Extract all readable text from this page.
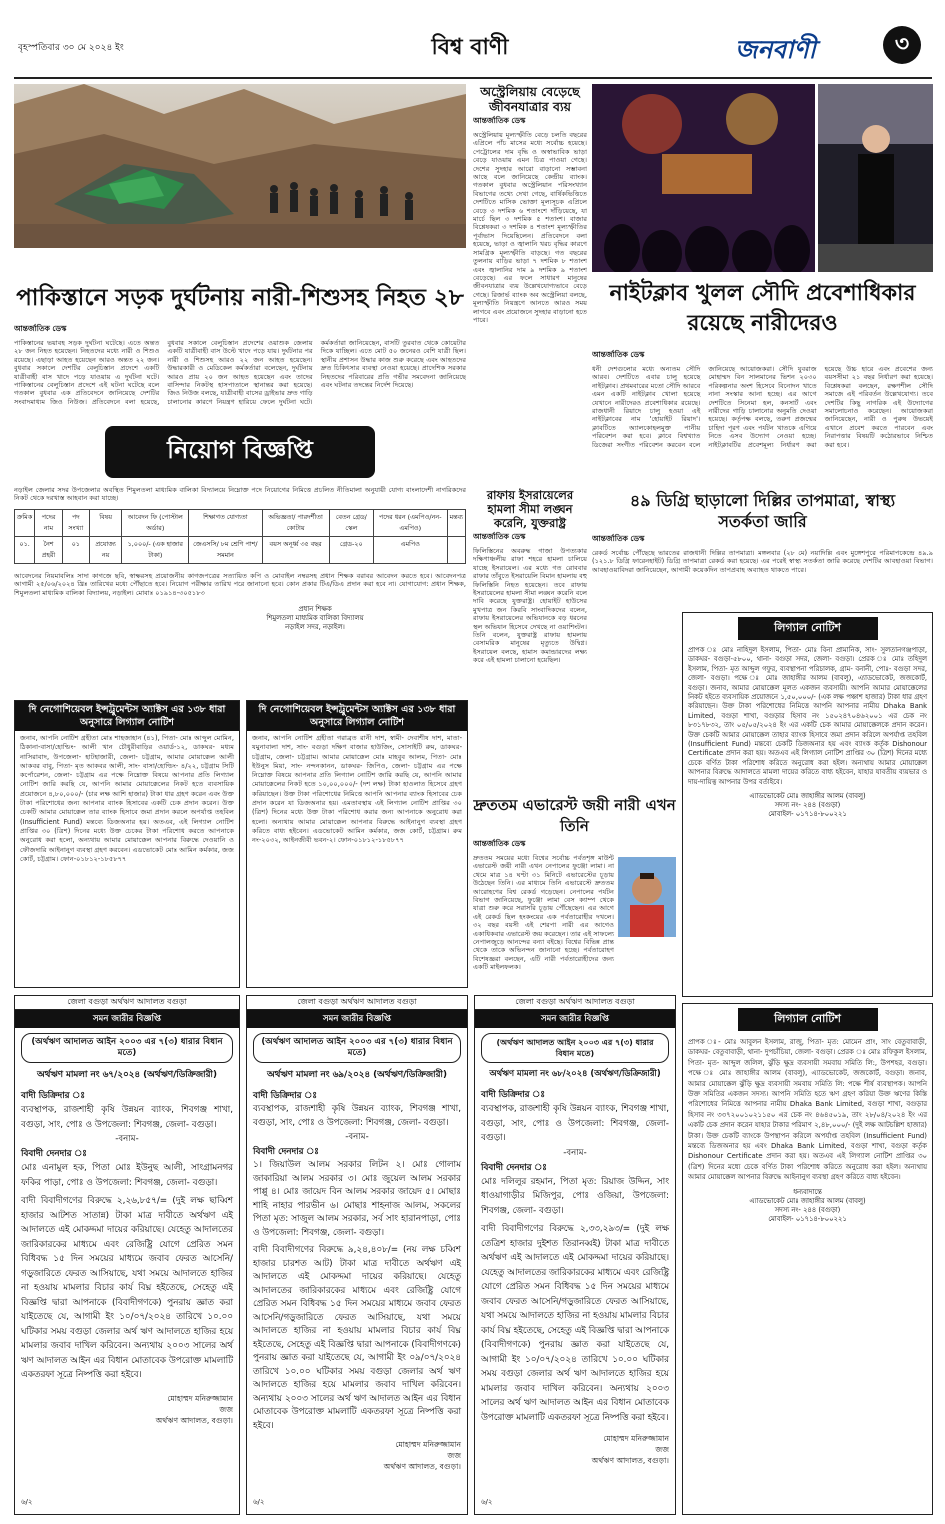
বৃহস্পতিবার ৩০ মে ২০২৪ ইং	বিশ্ব বাণী	জনবাণী	৩
অস্ট্রেলিয়ায় বেড়েছে জীবনযাত্রার ব্যয়
আন্তর্জাতিক ডেস্ক
অস্ট্রেলিয়ায় মূল্যস্ফীতি বেড়ে চলতি বছরের এপ্রিলে পাঁচ মাসের মধ্যে সর্বোচ্চ হয়েছে। পেট্রোলের দাম বৃদ্ধি ও অস্বাভাবিক ভাড়া বেড়ে যাওয়ায় এমন চিত্র পাওয়া গেছে। দেশের সুদহার আরো বাড়ানো সম্ভাবনা আছে বলে জানিয়েছে কেন্দ্রীয় ব্যাংক। গতকাল বুধবার অস্ট্রেলিয়ান পরিসংখ্যান বিভাগের তথ্যে দেখা গেছে, বার্ষিকভিত্তিতে দেশটিতে মাসিক ভোক্তা মূল্যসূচক এপ্রিলে বেড়ে ৩ দশমিক ৬ শতাংশে দাঁড়িয়েছে, যা মার্চে ছিল ৩ দশমিক ৫ শতাংশ। বাজার বিশ্লেষকরা ৩ দশমিক ৪ শতাংশ মূল্যস্ফীতির পূর্বাভাস দিয়েছিলেন। প্রতিবেদনে বলা হয়েছে, ভাড়া ও জ্বালানি খরচ বৃদ্ধির কারণে সামগ্রিক মূল্যস্ফীতি বাড়ছে। গত বছরের তুলনায় বাড়ির ভাড়া ৭ দশমিক ৮ শতাংশ এবং জ্বালানির দাম ৯ দশমিক ৯ শতাংশ বেড়েছে। এর ফলে সাধারণ মানুষের জীবনযাত্রার ব্যয় উল্লেখযোগ্যভাবে বেড়ে গেছে। রিজার্ভ ব্যাংক অব অস্ট্রেলিয়া বলছে, মূল্যস্ফীতি নিয়ন্ত্রণে আনতে আরও সময় লাগবে এবং প্রয়োজনে সুদহার বাড়ানো হতে পারে।
পাকিস্তানে সড়ক দুর্ঘটনায় নারী-শিশুসহ নিহত ২৮
আন্তর্জাতিক ডেস্ক
পাকিস্তানের ভয়াবহ সড়ক দুর্ঘটনা ঘটেছে। এতে অন্তত ২৮ জন নিহত হয়েছেন। নিহতদের মধ্যে নারী ও শিশুও রয়েছে। এছাড়া আহত হয়েছেন আরও অন্তত ২২ জন। বুধবার সকালে দেশটির বেলুচিস্তান প্রদেশে একটি যাত্রীবাহী বাস খাদে পড়ে যাওয়ায় এ দুর্ঘটনা ঘটে। পাকিস্তানের বেলুচিস্তান প্রদেশে এই ঘটনা ঘটেছে বলে গতকাল বুধবার এক প্রতিবেদনে জানিয়েছে দেশটির সংবাদমাধ্যম জিও নিউজ। প্রতিবেদনে বলা হয়েছে, বুধবার সকালে বেলুচিস্তান প্রদেশের ওয়াশুক জেলায় একটি যাত্রীবাহী বাস উল্টে খাদে পড়ে যায়। দুর্ঘটনার পর নারী ও শিশুসহ আরও ২২ জন আহত হয়েছেন। উদ্ধারকারী ও মেডিকেল কর্মকর্তারা বলেছেন, দুর্ঘটনায় আরও প্রায় ২০ জন আহত হয়েছেন এবং তাদের বাসিন্দার নিকটস্থ হাসপাতালে স্থানান্তর করা হয়েছে। জিও নিউজ বলছে, যাত্রীবাহী বাসের ড্রাইভার দ্রুত গাড়ি চালানোর কারণে নিয়ন্ত্রণ হারিয়ে ফেলে দুর্ঘটনা ঘটে। কর্মকর্তারা জানিয়েছেন, বাসটি তুরবাত থেকে কোয়েটার দিকে যাচ্ছিল। এতে মোট ৫০ জনেরও বেশি যাত্রী ছিল। স্থানীয় প্রশাসন উদ্ধার কাজ শুরু করেছে এবং আহতদের দ্রুত চিকিৎসার ব্যবস্থা নেওয়া হয়েছে। প্রাদেশিক সরকার নিহতদের পরিবারের প্রতি গভীর সমবেদনা জানিয়েছে এবং ঘটনার তদন্তের নির্দেশ দিয়েছে।
নাইটক্লাব খুলল সৌদি প্রবেশাধিকার রয়েছে নারীদেরও
আন্তর্জাতিক ডেস্ক
ধনী দেশগুলোর মধ্যে অন্যতম সৌদি আরব। দেশটিতে এবার চালু হয়েছে নাইটক্লাব। প্রথমবারের মতো সৌদি আরবে এমন একটি নাইটক্লাব খোলা হয়েছে যেখানে নারীদেরও প্রবেশাধিকার রয়েছে। রাজধানী রিয়াদে চালু হওয়া এই নাইটক্লাবের নাম 'হোয়াইট রিয়াদ'। ক্লাবটিতে অ্যালকোহলমুক্ত পানীয় পরিবেশন করা হবে। ক্লাবে বিশ্বখ্যাত ডিজেরা সংগীত পরিবেশন করবেন বলে জানিয়েছে আয়োজকরা। সৌদি যুবরাজ মোহাম্মদ বিন সালমানের ভিশন ২০৩০ পরিকল্পনার অংশ হিসেবে বিনোদন খাতে নানা সংস্কার আনা হচ্ছে। এর আগে দেশটিতে সিনেমা হল, কনসার্ট এবং নারীদের গাড়ি চালানোর অনুমতি দেওয়া হয়েছে। কর্তৃপক্ষ বলছে, তরুণ প্রজন্মের চাহিদা পূরণ এবং পর্যটন খাতকে এগিয়ে নিতে এসব উদ্যোগ নেওয়া হচ্ছে। নাইটক্লাবটির প্রবেশমূল্য নির্ধারণ করা হয়েছে উচ্চ হারে এবং প্রবেশের জন্য বয়সসীমা ২১ বছর নির্ধারণ করা হয়েছে। বিশ্লেষকরা বলছেন, রক্ষণশীল সৌদি সমাজে এই পরিবর্তন উল্লেখযোগ্য। তবে দেশটির কিছু নাগরিক এই উদ্যোগের সমালোচনাও করেছেন। আয়োজকরা জানিয়েছেন, নারী ও পুরুষ উভয়েই এখানে প্রবেশ করতে পারবেন এবং নিরাপত্তার বিষয়টি কঠোরভাবে নিশ্চিত করা হবে।
নিয়োগ বিজ্ঞপ্তি
নড়াইল জেলার সদর উপজেলার অবস্থিত শিমুলতলা মাধ্যমিক বালিকা বিদ্যালয়ে নিম্নোক্ত পদে নিয়োগের নিমিত্তে প্রচলিত নীতিমালা অনুযায়ী যোগ্য বাংলাদেশী নাগরিকদের নিকট থেকে দরখাস্ত আহবান করা যাচ্ছে।
ক্রমিক	পদের নাম	পদ সংখ্যা	বিষয়	আবেদন ফি (পোস্টাল অর্ডার)	শিক্ষাগত যোগ্যতা	অভিজ্ঞতা/ পারদর্শীতা কোটায়	বেতন গ্রেড/ স্কেল	পদের ধরন (এমপিও/নন-এমপিও)	মন্তব্য
০১.	নৈশ প্রহরী	০১	প্রযোজ্য নয়	১,০০০/- (এক হাজার টাকা)	জেএসসি/ ৮ম শ্রেণি পাশ/ সমমান	বয়স অনূর্ধ্ব ৩৫ বছর	গ্রেড-২০	এমপিও	
আবেদনের নিয়মাবলিঃ সাদা কাগজে ছবি, স্বাক্ষরসহ প্রয়োজনীয় কাগজপত্রের সত্যায়িত কপি ও মোবাইল নম্বরসহ প্রধান শিক্ষক বরাবর আবেদন করতে হবে। আবেদনপত্র আগামী ২৫/০৬/২০২৪ খ্রিঃ তারিখের মধ্যে পৌঁছাতে হবে। নিয়োগ পরীক্ষার তারিখ পরে জানানো হবে। কোন প্রকার টিএ/ডিএ প্রদান করা হবে না। যোগাযোগ: প্রধান শিক্ষক, শিমুলতলা মাধ্যমিক বালিকা বিদ্যালয়, নড়াইল। মোবাঃ ০১৯১৪-৩০৫১৮৩
প্রধান শিক্ষক
শিমুলতলা মাধ্যমিক বালিকা বিদ্যালয়
নড়াইল সদর, নড়াইল।
রাফায় ইসরায়েলের হামলা সীমা লঙ্ঘন করেনি, যুক্তরাষ্ট্র
আন্তর্জাতিক ডেস্ক
ফিলিস্তিনের অবরুদ্ধ গাজা উপত্যকার দক্ষিণাঞ্চলীয় রাফা শহরে হামলা চালিয়ে যাচ্ছে ইসরায়েল। এর মধ্যে গত রোববার রাফার তাঁবুতে ইসরায়েলি বিমান হামলায় বহু ফিলিস্তিনি নিহত হয়েছেন। তবে রাফায় ইসরায়েলের হামলা সীমা লঙ্ঘন করেনি বলে দাবি করেছে যুক্তরাষ্ট্র। হোয়াইট হাউসের মুখপাত্র জন কিরবি সাংবাদিকদের বলেন, রাফায় ইসরায়েলের অভিযানকে বড় ধরনের স্থল অভিযান হিসেবে দেখছে না ওয়াশিংটন। তিনি বলেন, যুক্তরাষ্ট্র রাফায় হামলায় বেসামরিক মানুষের মৃত্যুতে উদ্বিগ্ন। ইসরায়েল বলছে, হামাস কমান্ডারদের লক্ষ্য করে এই হামলা চালানো হয়েছিল।
৪৯ ডিগ্রি ছাড়ালো দিল্লির তাপমাত্রা, স্বাস্থ্য সতর্কতা জারি
আন্তর্জাতিক ডেস্ক
রেকর্ড সর্বোচ্চ পৌঁছেছে ভারতের রাজধানী দিল্লির তাপমাত্রা। মঙ্গলবার (২৮ মে) নয়াদিল্লি এবং মুঙ্গেশপুরে পরিমাপকেন্দ্রে ৪৯.৯ (১২১.৮ ডিগ্রি ফারেনহাইট) ডিগ্রি তাপমাত্রা রেকর্ড করা হয়েছে। এর পরেই স্বাস্থ্য সতর্কতা জারি করেছে দেশটির আবহাওয়া বিভাগ। আবহাওয়াবিদরা জানিয়েছেন, আগামী কয়েকদিন তাপপ্রবাহ অব্যাহত থাকতে পারে।
দি নেগোশিয়েবল ইন্সট্রুমেন্টস অ্যাক্টস এর ১৩৮ ধারা অনুসারে লিগ্যাল নোটিশ
জনাব, আপনি নোটিশ গ্রহীতা মোঃ শাহজাহান (৪১), পিতা- মোঃ আব্দুল মোমিন, ঠিকানা-বাসা/হোল্ডিং- আলী খান চৌধুরীবাড়ির ওয়ার্ড-১২, ডাকঘর- মধ্যম নাসিরাবাদ, উপজেলা- হাটহাজারী, জেলা- চট্টগ্রাম, আমার মোয়াক্কেল আলী আকবর বাবু, পিতা- মৃত আকবর আলী, সাং- বাসা/হোল্ডিং- ৪/২২, চট্টগ্রাম সিটি কর্পোরেশন, জেলা- চট্টগ্রাম এর পক্ষে নিম্নোক্ত বিষয়ে আপনার প্রতি লিগ্যাল নোটিশ জারি করছি যে, আপনি আমার মোয়াক্কেলের নিকট হতে ব্যবসায়িক প্রয়োজনে ৪,৮০,০০০/- (চার লক্ষ আশি হাজার) টাকা ধার গ্রহণ করেন এবং উক্ত টাকা পরিশোধের জন্য আপনার ব্যাংক হিসাবের একটি চেক প্রদান করেন। উক্ত চেকটি আমার মোয়াক্কেল তার ব্যাংক হিসাবে জমা প্রদান করলে অপর্যাপ্ত তহবিল (Insufficient Fund) মন্তব্যে ডিজঅনার হয়। অতএব, এই লিগ্যাল নোটিশ প্রাপ্তির ৩০ (ত্রিশ) দিনের মধ্যে উক্ত চেকের টাকা পরিশোধ করতে আপনাকে অনুরোধ করা হলো, অন্যথায় আমার মোয়াক্কেল আপনার বিরুদ্ধে দেওয়ানি ও ফৌজদারি আইনানুগ ব্যবস্থা গ্রহণ করবেন। এডভোকেট মোঃ আমিন কর্মকার, জজ কোর্ট, চট্টগ্রাম। ফোন-০১৮১২-১৮৫৮৭৭
দি নেগোশিয়েবল ইন্সট্রুমেন্টস অ্যাক্টস এর ১৩৮ ধারা অনুসারে লিগ্যাল নোটিশ
জনাব, আপনি নোটিশ গ্রহীতা গরাব্রত রানী দাশ, স্বামী- দেবাশীষ দাশ, মাতা- যমুনাবালা দাশ, সাং- বগুড়া দক্ষিণ বাজার হাউজিং, সোসাইটি রুম, ডাকঘর- চট্টগ্রাম, জেলা- চট্টগ্রাম। আমার মোয়াক্কেল মোঃ মাহবুব আলম, পিতা- মোঃ ইউনুস মিয়া, সাং- নন্দনকানন, ডাকঘর- জিপিও, জেলা- চট্টগ্রাম এর পক্ষে নিম্নোক্ত বিষয়ে আপনার প্রতি লিগ্যাল নোটিশ জারি করছি যে, আপনি আমার মোয়াক্কেলের নিকট হতে ১০,০০,০০০/- (দশ লক্ষ) টাকা হাওলাত হিসেবে গ্রহণ করিয়াছেন। উক্ত টাকা পরিশোধের নিমিত্তে আপনি আপনার ব্যাংক হিসাবের চেক প্রদান করেন যা ডিজঅনার হয়। এমতাবস্থায় এই লিগ্যাল নোটিশ প্রাপ্তির ৩০ (ত্রিশ) দিনের মধ্যে উক্ত টাকা পরিশোধ করার জন্য আপনাকে অনুরোধ করা হলো। অন্যথায় আমার মোয়াক্কেল আপনার বিরুদ্ধে আইনানুগ ব্যবস্থা গ্রহণ করিতে বাধ্য হইবেন। এডভোকেট আমিন কর্মকার, জজ কোর্ট, চট্টগ্রাম। রুম নং-২০৩২, আইনজীবী ভবন-২। ফোন-০১৮১২-১৮৫৮৭৭
দ্রুততম এভারেস্ট জয়ী নারী এখন তিনি
আন্তর্জাতিক ডেস্ক
দ্রুততম সময়ের মধ্যে বিশ্বের সর্বোচ্চ পর্বতশৃঙ্গ মাউন্ট এভারেস্ট জয়ী নারী এখন নেপালের ফুঞ্জো লামা। না থেমে মাত্র ১৪ ঘণ্টা ৩১ মিনিটে এভারেস্টের চূড়ায় উঠেছেন তিনি। এর মাধ্যমে তিনি এভারেস্টে দ্রুততম আরোহণের বিশ্ব রেকর্ড গড়েছেন। নেপালের পর্যটন বিভাগ জানিয়েছে, ফুঞ্জো লামা বেস ক্যাম্প থেকে যাত্রা শুরু করে সরাসরি চূড়ায় পৌঁছেছেন। এর আগে এই রেকর্ড ছিল হংকংয়ের এক পর্বতারোহীর দখলে। ৩২ বছর বয়সী এই শেরপা নারী এর আগেও একাধিকবার এভারেস্ট জয় করেছেন। তার এই সাফল্যে নেপালজুড়ে আনন্দের বন্যা বইছে। বিশ্বের বিভিন্ন প্রান্ত থেকে তাকে অভিনন্দন জানানো হচ্ছে। পর্বতারোহণ বিশেষজ্ঞরা বলছেন, এটি নারী পর্বতারোহীদের জন্য একটি মাইলফলক।
লিগ্যাল নোটিশ
প্রাপক ঃ মোঃ নাহিদুল ইসলাম, পিতা- মোঃ বিনা প্রামানিক, সাং- সুলতানগঞ্জপাড়া, ডাকঘর- বগুড়া-৫৮০০, থানা- বগুড়া সদর, জেলা- বগুড়া। প্রেরক ঃ মোঃ তহিদুল ইসলাম, পিতা- মৃত আব্দুল গফুর, ব্যবস্থাপনা পরিচালক, গ্রাম- বনানী, পোঃ- বগুড়া সদর, জেলা- বগুড়া। পক্ষে ঃ মোঃ জাহাঙ্গীর আলম (বাবলু), এ্যাডভোকেট, জজকোর্ট, বগুড়া। জনাব, আমার মোয়াক্কেল মূলত একজন ব্যবসায়ী। আপনি আমার মোয়াক্কেলের নিকট হইতে ব্যবসায়িক প্রয়োজনে ১,৫০,০০০/- (এক লক্ষ পঞ্চাশ হাজার) টাকা ধার গ্রহণ করিয়াছেন। উক্ত টাকা পরিশোধের নিমিত্তে আপনি আপনার নামীয় Dhaka Bank Limited, বগুড়া শাখা, বগুড়ার হিসাব নং ১৫০২৪৭০৪৬২০০১ এর চেক নং ৮৩১৭৮৩২, তাং ০৫/০৫/২০২৪ ইং এর একটি চেক আমার মোয়াক্কেলকে প্রদান করেন। উক্ত চেকটি আমার মোয়াক্কেল তাহার ব্যাংক হিসাবে জমা প্রদান করিলে অপর্যাপ্ত তহবিল (Insufficient Fund) মন্তব্যে চেকটি ডিজঅনার হয় এবং ব্যাংক কর্তৃক Dishonour Certificate প্রদান করা হয়। অতএব এই লিগ্যাল নোটিশ প্রাপ্তির ৩০ (ত্রিশ) দিনের মধ্যে চেকে বর্ণিত টাকা পরিশোধ করিতে অনুরোধ করা হইল। অন্যথায় আমার মোয়াক্কেল আপনার বিরুদ্ধে আদালতে মামলা দায়ের করিতে বাধ্য হইবেন, যাহার যাবতীয় ব্যয়ভার ও দায়-দায়িত্ব আপনার উপর বর্তাইবে।
এ্যাডভোকেট মোঃ জাহাঙ্গীর আলম (বাবলু)
সদস্য নং- ২৪৪ (বগুড়া)
মোবাইল- ০১৭১৪-৮০০২২১
জেলা বগুড়া অর্থঋণ আদালত বগুড়া
সমন জারীর বিজ্ঞপ্তি
(অর্থঋণ আদালত আইন ২০০৩ এর ৭(৩) ধারার বিধান মতে)
অর্থঋণ মামলা নং ৬৭/২০২৪ (অর্থঋণ/ডিক্রিজারী)
বাদী ডিক্রিদার ঃ
ব্যবস্থাপক, রাজশাহী কৃষি উন্নয়ন ব্যাংক, শিবগঞ্জ শাখা, বগুড়া, সাং, পোঃ ও উপজেলা: শিবগঞ্জ, জেলা- বগুড়া।
-বনাম-
বিবাদী দেনদার ঃ
মোঃ এনামুল হক, পিতা মোঃ ইউনুছ আলী, সাংগ্রামনগর ফকির পাড়া, পোঃ ও উপজেলা: শিবগঞ্জ, জেলা- বগুড়া।
বাদী বিবাদীগণের বিরুদ্ধে ২,২৬,৮৫৭/= (দুই লক্ষ ছাব্বিশ হাজার আটশত সাতান্ন) টাকা মাত্র দাবীতে অর্থঋণ এই আদালতে এই মোকদ্দমা দায়ের করিয়াছে। যেহেতু আদালতের জারিকারকের মাধ্যমে এবং রেজিষ্ট্রি যোগে প্রেরিত সমন বিধিবদ্ধ ১৫ দিন সময়ের মাধ্যমে জবাব ফেরত আসেনি/গড়ুজারিতে ফেরত আসিয়াছে, যথা সময়ে আদালতে হাজির না হওয়ায় মামলার বিচার কার্য বিঘ্ন হইতেছে, সেহেতু এই বিজ্ঞপ্তি দ্বারা আপনাকে (বিবাদীগণকে) পুনরায় জ্ঞাত করা যাইতেছে যে, আগামী ইং ১০/০৭/২০২৪ তারিখে ১০.০০ ঘটিকার সময় বগুড়া জেলার অর্থ ঋণ আদালতে হাজির হয়ে মামলার জবাব দাখিল করিবেন। অন্যথায় ২০০৩ সালের অর্থ ঋণ আদালত আইন এর বিধান মোতাবেক উপরোক্ত মামলাটি একতরফা সূত্রে নিষ্পত্তি করা হইবে।
মোহাম্মদ মনিরুজ্জামান
জজ
অর্থঋণ আদালত, বগুড়া।
৬/২
জেলা বগুড়া অর্থঋণ আদালত বগুড়া
সমন জারীর বিজ্ঞপ্তি
(অর্থঋণ আদালত আইন ২০০৩ এর ৭(৩) ধারার বিধান মতে)
অর্থঋণ মামলা নং ৬৯/২০২৪ (অর্থঋণ/ডিক্রিজারী)
বাদী ডিক্রিদার ঃ
ব্যবস্থাপক, রাজশাহী কৃষি উন্নয়ন ব্যাংক, শিবগঞ্জ শাখা, বগুড়া, সাং, পোঃ ও উপজেলা: শিবগঞ্জ, জেলা- বগুড়া।
-বনাম-
বিবাদী দেনদার ঃ
১। জিয়াউল আলম সরকার লিটন ২। মোঃ গোলাম জাকারিয়া আলম সরকার ৩। মোঃ জুয়েল আলম সরকার পাপ্পু ৪। মোঃ জায়েদ বিন আলম সরকার জায়েদ ৫। মোছাঃ শাহি নাহার পারভীন ৬। মোছাঃ শাহনাজ আলম, সকলের পিতা মৃত: সাজুল আলম সরকার, সর্ব সাং হারানপাড়া, পোঃ ও উপজেলা: শিবগঞ্জ, জেলা- বগুড়া।
বাদী বিবাদীগণের বিরুদ্ধে ৯,২৪,৪০৮/= (নয় লক্ষ চব্বিশ হাজার চারশত আট) টাকা মাত্র দাবীতে অর্থঋণ এই আদালতে এই মোকদ্দমা দায়ের করিয়াছে। যেহেতু আদালতের জারিকারকের মাধ্যমে এবং রেজিষ্ট্রি যোগে প্রেরিত সমন বিধিবদ্ধ ১৫ দিন সময়ের মাধ্যমে জবাব ফেরত আসেনি/গড়ুজারিতে ফেরত আসিয়াছে, যথা সময়ে আদালতে হাজির না হওয়ায় মামলার বিচার কার্য বিঘ্ন হইতেছে, সেহেতু এই বিজ্ঞপ্তি দ্বারা আপনাকে (বিবাদীগণকে) পুনরায় জ্ঞাত করা যাইতেছে যে, আগামী ইং ০৯/০৭/২০২৪ তারিখে ১০.০০ ঘটিকার সময় বগুড়া জেলার অর্থ ঋণ আদালতে হাজির হয়ে মামলার জবাব দাখিল করিবেন। অন্যথায় ২০০৩ সালের অর্থ ঋণ আদালত আইন এর বিধান মোতাবেক উপরোক্ত মামলাটি একতরফা সূত্রে নিষ্পত্তি করা হইবে।
মোহাম্মদ মনিরুজ্জামান
জজ
অর্থঋণ আদালত, বগুড়া।
৬/২
জেলা বগুড়া অর্থঋণ আদালত বগুড়া
সমন জারীর বিজ্ঞপ্তি
(অর্থঋণ আদালত আইন ২০০৩ এর ৭(৩) ধারার বিধান মতে)
অর্থঋণ মামলা নং ৬৮/২০২৪ (অর্থঋণ/ডিক্রিজারী)
বাদী ডিক্রিদার ঃ
ব্যবস্থাপক, রাজশাহী কৃষি উন্নয়ন ব্যাংক, শিবগঞ্জ শাখা, বগুড়া, সাং, পোঃ ও উপজেলা: শিবগঞ্জ, জেলা- বগুড়া।
-বনাম-
বিবাদী দেনদার ঃ
মোঃ দলিলুর রহমান, পিতা মৃত: রিয়াজ উদ্দিন, সাং ধাওয়াগাড়ীর মিজিপুর, পোঃ ওজিয়া, উপজেলা: শিবগঞ্জ, জেলা- বগুড়া।
বাদী বিবাদীগণের বিরুদ্ধে ২,৩৩,২৯৩/= (দুই লক্ষ তেত্রিশ হাজার দুইশত তিরানব্বই) টাকা মাত্র দাবীতে অর্থঋণ এই আদালতে এই মোকদ্দমা দায়ের করিয়াছে। যেহেতু আদালতের জারিকারকের মাধ্যমে এবং রেজিষ্ট্রি যোগে প্রেরিত সমন বিধিবদ্ধ ১৫ দিন সময়ের মাধ্যমে জবাব ফেরত আসেনি/গড়ুজারিতে ফেরত আসিয়াছে, যথা সময়ে আদালতে হাজির না হওয়ায় মামলার বিচার কার্য বিঘ্ন হইতেছে, সেহেতু এই বিজ্ঞপ্তি দ্বারা আপনাকে (বিবাদীগণকে) পুনরায় জ্ঞাত করা যাইতেছে যে, আগামী ইং ১০/০৭/২০২৪ তারিখে ১০.০০ ঘটিকার সময় বগুড়া জেলার অর্থ ঋণ আদালতে হাজির হয়ে মামলার জবাব দাখিল করিবেন। অন্যথায় ২০০৩ সালের অর্থ ঋণ আদালত আইন এর বিধান মোতাবেক উপরোক্ত মামলাটি একতরফা সূত্রে নিষ্পত্তি করা হইবে।
মোহাম্মদ মনিরুজ্জামান
জজ
অর্থঋণ আদালত, বগুড়া।
৬/২
লিগ্যাল নোটিশ
প্রাপক ঃ- মোঃ আবুলন ইসলাম, রাজু, পিতা- মৃত: মোমেন প্রাং, সাং বেতুবাবাড়ী, ডাকঘর- বেতুবাবাড়ী, থানা- দুপচাঁচিয়া, জেলা- বগুড়া। প্রেরক ঃ মোঃ রফিকুল ইসলাম, পিতা- মৃত- আব্দুল জলিল, ঝুঁড়ি ক্ষুদ্র ব্যবসায়ী সমবায় সমিতি লি:, উপশহর, বগুড়া। পক্ষে ঃ মোঃ জাহাঙ্গীর আলম (বাবলু), এ্যাডভোকেট, জজকোর্ট, বগুড়া। জনাব, আমার মোয়াক্কেল ঝুঁড়ি ক্ষুদ্র ব্যবসায়ী সমবায় সমিতি লি: পক্ষে শীর্ষ ব্যবস্থাপক। আপনি উক্ত সমিতির একজন সদস্য। আপনি সমিতি হতে ঋণ গ্রহণ করিয়া উক্ত ঋণের কিস্তি পরিশোধের নিমিত্তে আপনার নামীয় Dhaka Bank Limited, বগুড়া শাখা, বগুড়ার হিসাব নং ৩৩৭২০০১০২১১৫০ এর চেক নং ৪৬৪৫০১৯, তাং ২৮/০৪/২০২৪ ইং এর একটি চেক প্রদান করেন যাহার টাকার পরিমাণ ২,৪৮,০০০/- (দুই লক্ষ আটচল্লিশ হাজার) টাকা। উক্ত চেকটি ব্যাংকে উপস্থাপন করিলে অপর্যাপ্ত তহবিল (Insufficient Fund) মন্তব্যে ডিজঅনার হয় এবং Dhaka Bank Limited, বগুড়া শাখা, বগুড়া কর্তৃক Dishonour Certificate প্রদান করা হয়। অতএব এই লিগ্যাল নোটিশ প্রাপ্তির ৩০ (ত্রিশ) দিনের মধ্যে চেকে বর্ণিত টাকা পরিশোধ করিতে অনুরোধ করা হইল। অন্যথায় আমার মোয়াক্কেল আপনার বিরুদ্ধে আইনানুগ ব্যবস্থা গ্রহণ করিতে বাধ্য হইবেন।
ধন্যবাদান্তে
এ্যাডভোকেট মোঃ জাহাঙ্গীর আলম (বাবলু)
সদস্য নং- ২৪৪ (বগুড়া)
মোবাইল- ০১৭১৪-৮০০২২১
